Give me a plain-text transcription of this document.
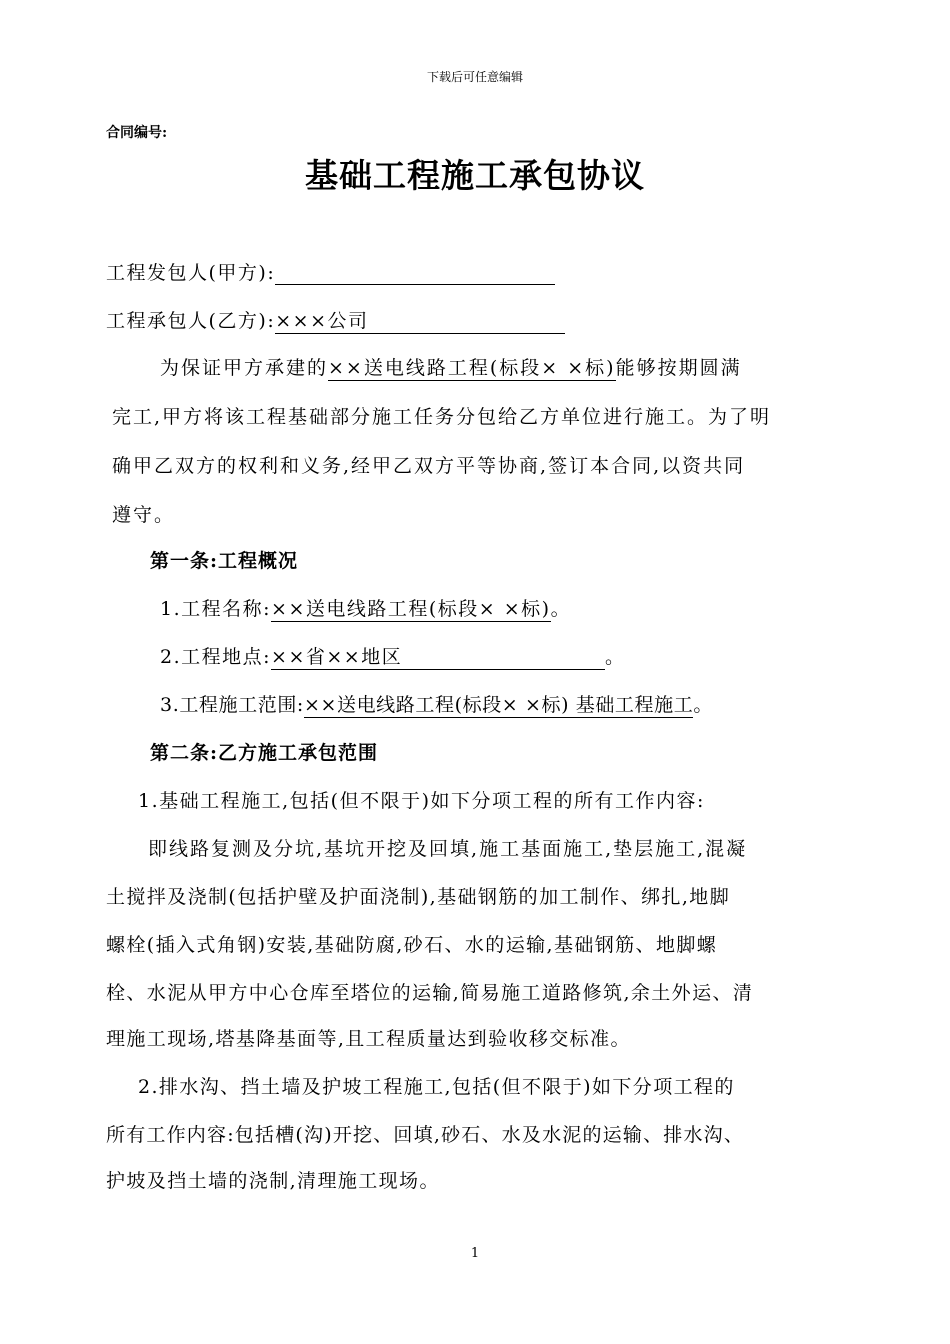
下载后可任意编辑
合同编号:
基础工程施工承包协议
工程发包人(甲方):
工程承包人(乙方):×××公司
为保证甲方承建的××送电线路工程(标段× ×标)能够按期圆满
完工,甲方将该工程基础部分施工任务分包给乙方单位进行施工。为了明
确甲乙双方的权利和义务,经甲乙双方平等协商,签订本合同,以资共同
遵守。
第一条:工程概况
1.工程名称:××送电线路工程(标段× ×标)。
2.工程地点:××省××地区	。
3.工程施工范围:××送电线路工程(标段× ×标) 基础工程施工。
第二条:乙方施工承包范围
1.基础工程施工,包括(但不限于)如下分项工程的所有工作内容:
即线路复测及分坑,基坑开挖及回填,施工基面施工,垫层施工,混凝
土搅拌及浇制(包括护壁及护面浇制),基础钢筋的加工制作、绑扎,地脚
螺栓(插入式角钢)安装,基础防腐,砂石、水的运输,基础钢筋、地脚螺
栓、水泥从甲方中心仓库至塔位的运输,简易施工道路修筑,余土外运、清
理施工现场,塔基降基面等,且工程质量达到验收移交标准。
2.排水沟、挡土墙及护坡工程施工,包括(但不限于)如下分项工程的
所有工作内容:包括槽(沟)开挖、回填,砂石、水及水泥的运输、排水沟、
护坡及挡土墙的浇制,清理施工现场。
1
